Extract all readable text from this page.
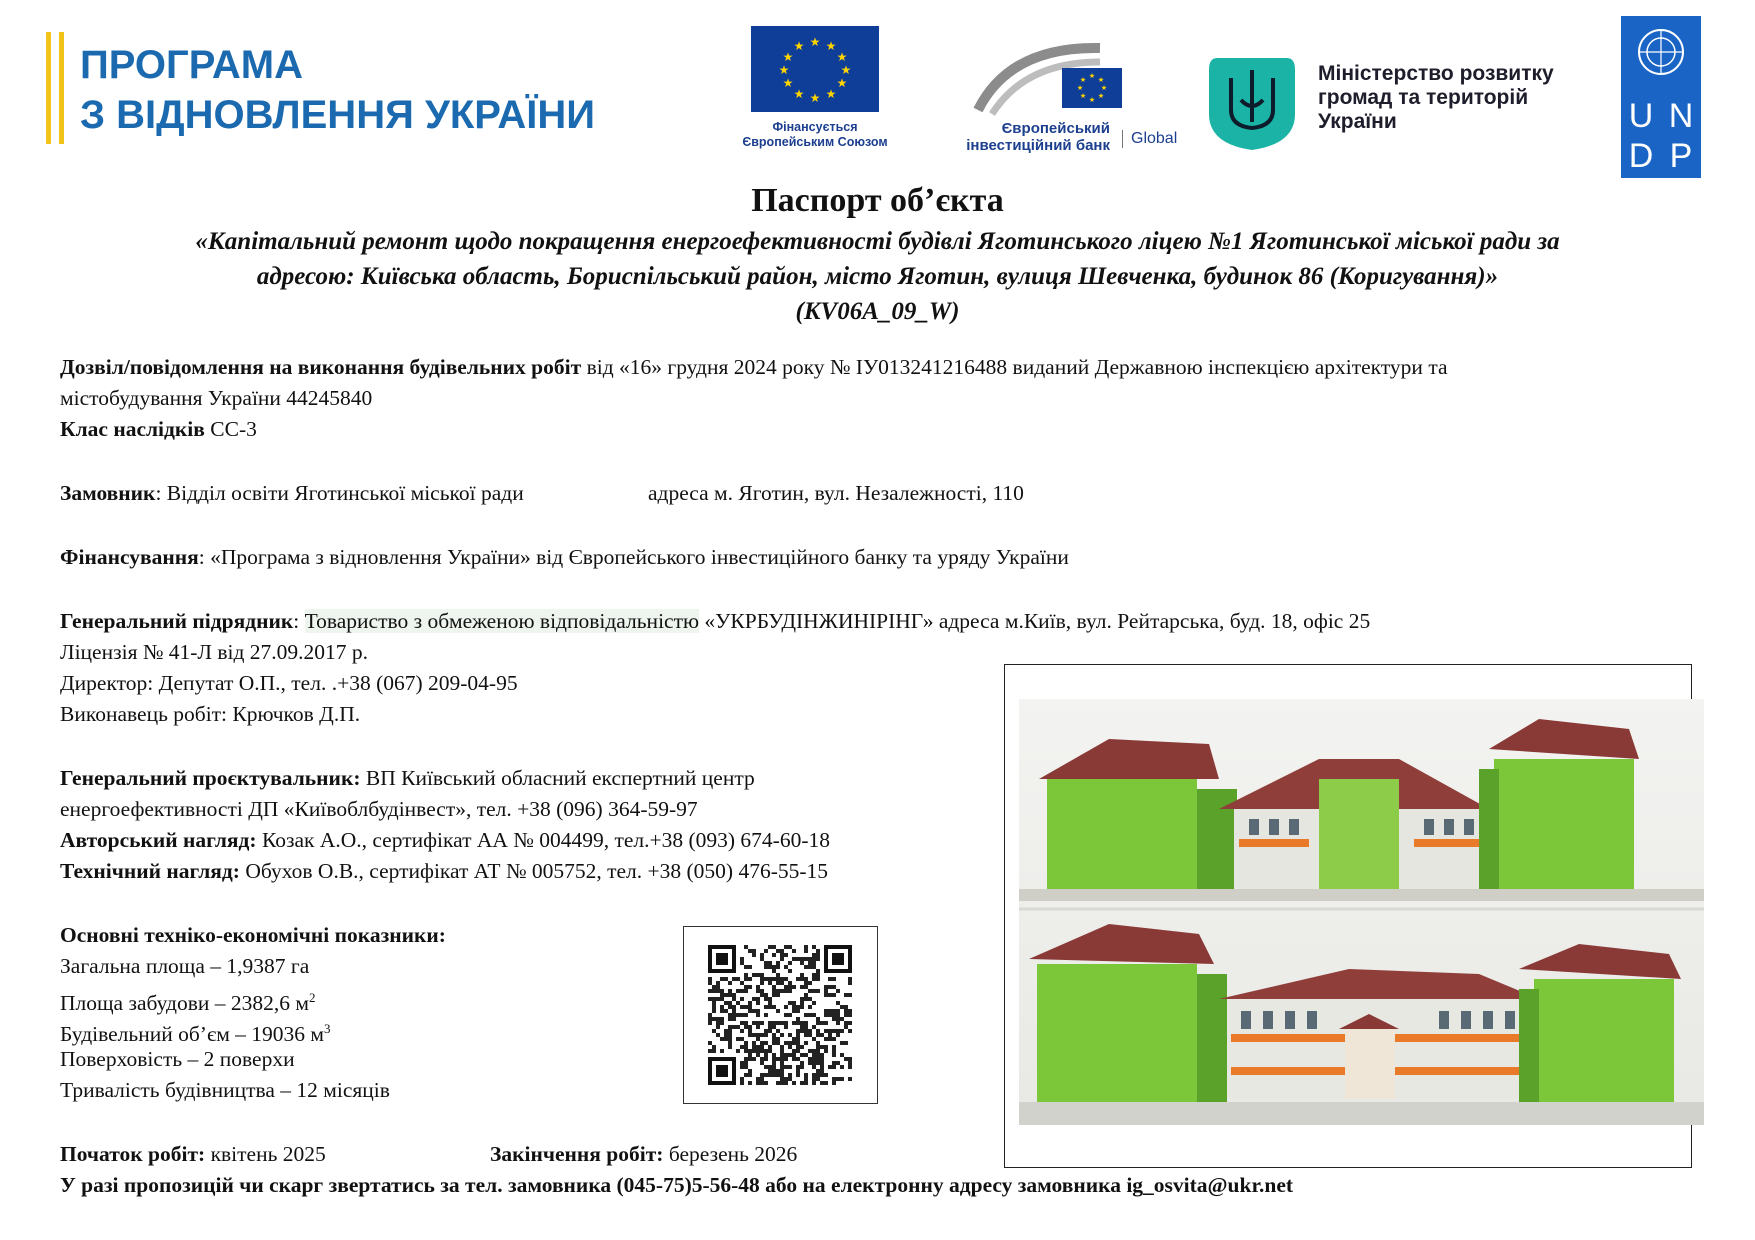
ПРОГРАМА
З ВІДНОВЛЕННЯ УКРАЇНИ
★ ★
★
★
★
★
★
★
★
★
★
★
Фінансується
Європейським Союзом
★ ★
★
★
★
★
★
★
Європейський
інвестиційний банк	Global
Міністерство розвитку
громад та територій
України	U N
D P
Паспорт об’єкта
«Капітальний ремонт щодо покращення енергоефективності будівлі Яготинського ліцею №1 Яготинської міської ради за
адресою: Київська область, Бориспільський район, місто Яготин, вулиця Шевченка, будинок 86 (Коригування)»
(KV06A_09_W)
Дозвіл/повідомлення на виконання будівельних робіт від «16» грудня 2024 року № ІУ013241216488 виданий Державною інспекцією архітектури та
містобудування України 44245840
Клас наслідків СС-3
Замовник: Відділ освіти Яготинської міської ради	адреса м. Яготин, вул. Незалежності, 110
Фінансування: «Програма з відновлення України» від Європейського інвестиційного банку та уряду України
Генеральний підрядник: Товариство з обмеженою відповідальністю «УКРБУДІНЖИНІРІНГ» адреса м.Київ, вул. Рейтарська, буд. 18, офіс 25
Ліцензія № 41-Л від 27.09.2017 р.
Директор: Депутат О.П., тел. .+38 (067) 209-04-95
Виконавець робіт: Крючков Д.П.
Генеральний проєктувальник: ВП Київський обласний експертний центр
енергоефективності ДП «Київоблбудінвест», тел. +38 (096) 364-59-97
Авторський нагляд: Козак А.О., сертифікат АА № 004499, тел.+38 (093) 674-60-18
Технічний нагляд: Обухов О.В., сертифікат АТ № 005752, тел. +38 (050) 476-55-15
Основні техніко-економічні показники:
Загальна площа – 1,9387 га
Площа забудови – 2382,6 $м^2$
Будівельний об’єм – 19036 $м^3$
Поверховість – 2 поверхи
Тривалість будівництва – 12 місяців
Початок робіт: квітень 2025	Закінчення робіт: березень 2026
У разі пропозицій чи скарг звертатись за тел. замовника (045-75)5-56-48 або на електронну адресу замовника ig_osvita@ukr.net
